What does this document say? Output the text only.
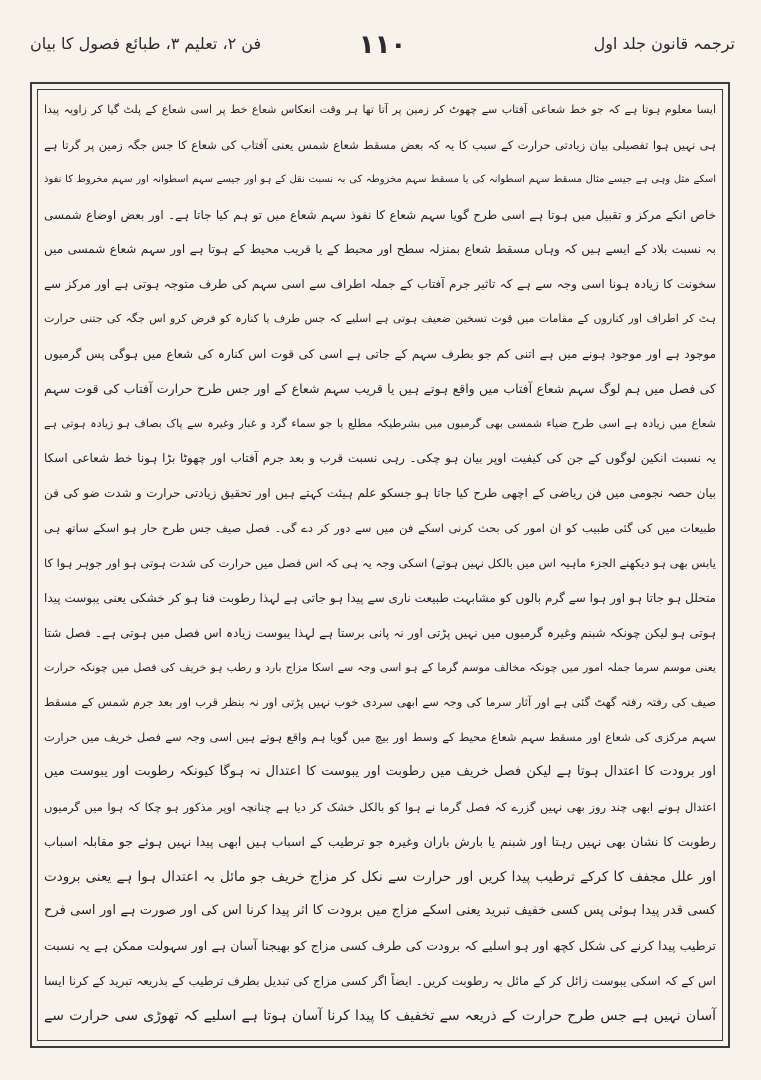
ترجمہ قانون جلد اول
۱۱۰
فن ۲، تعلیم ۳، طبائع فصول کا بیان
ایسا معلوم ہوتا ہے کہ جو خط شعاعی آفتاب سے چھوٹ کر زمین پر آتا تھا ہر وقت انعکاس شعاع خط پر اسی شعاع کے پلٹ گیا کر زاویہ پیدا
ہی نہیں ہوا تفصیلی بیان زیادتی حرارت کے سبب کا یہ کہ بعض مسقط شعاع شمس یعنی آفتاب کی شعاع کا جس جگہ زمین پر گرتا ہے
اسکے مثل وہی ہے جیسے مثال مسقط سہم اسطوانہ کی یا مسقط سہم مخروطہ کی بہ نسبت نقل کے ہو اور جیسے سہم اسطوانہ اور سہم مخروط کا نفوذ
خاص انکے مرکز و تقبیل میں ہوتا ہے اسی طرح گویا سہم شعاع کا نفوذ سہم شعاع میں تو ہم کیا جاتا ہے۔ اور بعض اوضاع شمسی
بہ نسبت بلاد کے ایسے ہیں کہ وہاں مسقط شعاع بمنزلہ سطح اور محیط کے یا قریب محیط کے ہوتا ہے اور سہم شعاع شمسی میں
سخونت کا زیادہ ہونا اسی وجہ سے ہے کہ تاثیر جرم آفتاب کے جملہ اطراف سے اسی سہم کی طرف متوجہ ہوتی ہے اور مرکز سے
ہٹ کر اطراف اور کناروں کے مقامات میں قوت تسخین ضعیف ہوتی ہے اسلیے کہ جس طرف یا کنارہ کو فرض کرو اس جگہ کی جتنی حرارت
موجود ہے اور موجود ہونے میں ہے اتنی کم جو بطرف سہم کے جاتی ہے اسی کی قوت اس کنارہ کی شعاع میں ہوگی پس گرمیوں
کی فصل میں ہم لوگ سہم شعاع آفتاب میں واقع ہوتے ہیں یا قریب سہم شعاع کے اور جس طرح حرارت آفتاب کی قوت سہم
شعاع میں زیادہ ہے اسی طرح ضیاء شمسی بھی گرمیوں میں بشرطیکہ مطلع یا جو سماء گرد و غبار وغیرہ سے پاک بصاف ہو زیادہ ہوتی ہے
یہ نسبت انکین لوگوں کے جن کی کیفیت اوپر بیان ہو چکی۔ رہی نسبت قرب و بعد جرم آفتاب اور چھوٹا بڑا ہونا خط شعاعی اسکا
بیان حصہ نجومی میں فن ریاضی کے اچھی طرح کیا جاتا ہو جسکو علم ہیئت کہتے ہیں اور تحقیق زیادتی حرارت و شدت ضو کی فن
طبیعات میں کی گئی طبیب کو ان امور کی بحث کرنی اسکے فن میں سے دور کر دے گی۔ فصل صیف جس طرح حار ہو اسکے ساتھ ہی
یابس بھی ہو دیکھنے الجزء ماہیہ اس میں بالکل نہیں ہوتے) اسکی وجہ یہ ہی کہ اس فصل میں حرارت کی شدت ہوتی ہو اور جوہر ہوا کا
متحلل ہو جاتا ہو اور ہوا سے گرم بالوں کو مشابہت طبیعت ناری سے پیدا ہو جاتی ہے لہذا رطوبت فنا ہو کر خشکی یعنی یبوست پیدا
ہوتی ہو لیکن چونکہ شبنم وغیرہ گرمیوں میں نہیں پڑتی اور نہ پانی برستا ہے لہذا یبوست زیادہ اس فصل میں ہوتی ہے۔ فصل شتا
یعنی موسم سرما جملہ امور میں چونکہ مخالف موسم گرما کے ہو اسی وجہ سے اسکا مزاج بارد و رطب ہو خریف کی فصل میں چونکہ حرارت
صیف کی رفتہ رفتہ گھٹ گئی ہے اور آثار سرما کی وجہ سے ابھی سردی خوب نہیں پڑتی اور نہ بنظر قرب اور بعد جرم شمس کے مسقط
سہم مرکزی کی شعاع اور مسقط سہم شعاع محیط کے وسط اور بیچ میں گویا ہم واقع ہوتے ہیں اسی وجہ سے فصل خریف میں حرارت
اور برودت کا اعتدال ہوتا ہے لیکن فصل خریف میں رطوبت اور یبوست کا اعتدال نہ ہوگا کیونکہ رطوبت اور یبوست میں
اعتدال ہونے ابھی چند روز بھی نہیں گزرے کہ فصل گرما نے ہوا کو بالکل خشک کر دیا ہے چنانچہ اوپر مذکور ہو چکا کہ ہوا میں گرمیوں
رطوبت کا نشان بھی نہیں رہتا اور شبنم یا بارش باران وغیرہ جو ترطیب کے اسباب ہیں ابھی پیدا نہیں ہوئے جو مقابلہ اسباب
اور علل مجفف کا کرکے ترطیب پیدا کریں اور حرارت سے نکل کر مزاج خریف جو مائل بہ اعتدال ہوا ہے یعنی برودت
کسی قدر پیدا ہوئی پس کسی خفیف تبرید یعنی اسکے مزاج میں برودت کا اثر پیدا کرنا اس کی اور صورت ہے اور اسی فرح
ترطیب پیدا کرنے کی شکل کچھ اور ہو اسلیے کہ برودت کی طرف کسی مزاج کو بھیجنا آسان ہے اور سہولت ممکن ہے یہ نسبت
اس کے کہ اسکی یبوست زائل کر کے مائل بہ رطوبت کریں۔ ایضاً اگر کسی مزاج کی تبدیل بطرف ترطیب کے بذریعہ تبرید کے کرنا ایسا
آسان نہیں ہے جس طرح حرارت کے ذریعہ سے تخفیف کا پیدا کرنا آسان ہوتا ہے اسلیے کہ تھوڑی سی حرارت سے
